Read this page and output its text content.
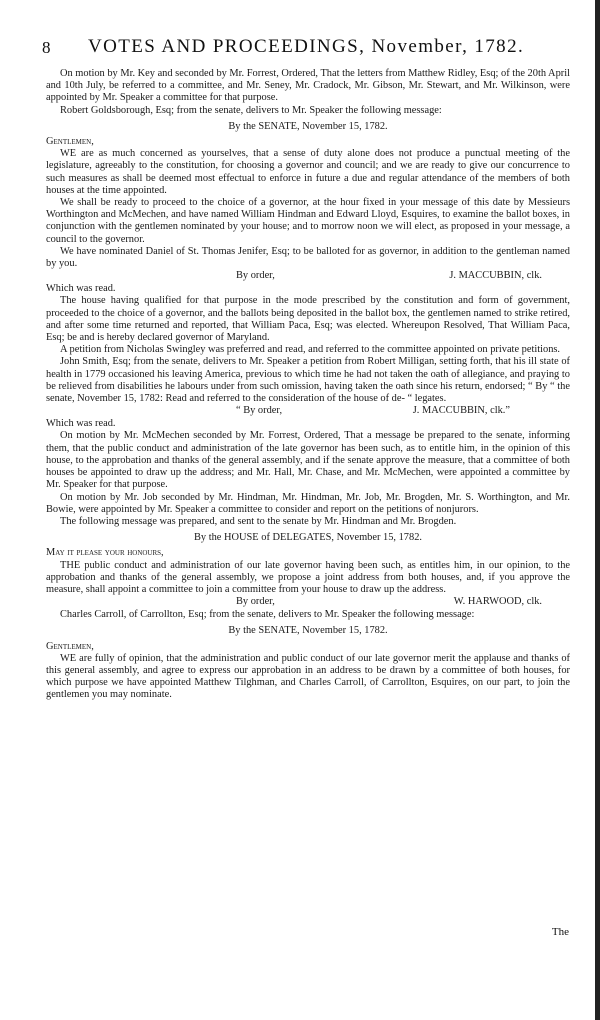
8 VOTES AND PROCEEDINGS, November, 1782.

On motion by Mr. Key and seconded by Mr. Forrest, Ordered, That the letters from Matthew Ridley, Esq; of the 20th April and 10th July, be referred to a committee, and Mr. Seney, Mr. Cradock, Mr. Gibson, Mr. Stewart, and Mr. Wilkinson, were appointed by Mr. Speaker a committee for that purpose.

Robert Goldsborough, Esq; from the senate, delivers to Mr. Speaker the following message:

By the SENATE, November 15, 1782.

Gentlemen,

WE are as much concerned as yourselves, that a sense of duty alone does not produce a punctual meeting of the legislature, agreeably to the constitution, for choosing a governor and council; and we are ready to give our concurrence to such measures as shall be deemed most effectual to enforce in future a due and regular attendance of the members of both houses at the time appointed.

We shall be ready to proceed to the choice of a governor, at the hour fixed in your message of this date by Messieurs Worthington and McMechen, and have named William Hindman and Edward Lloyd, Esquires, to examine the ballot boxes, in conjunction with the gentlemen nominated by your house; and to morrow noon we will elect, as proposed in your message, a council to the governor.

We have nominated Daniel of St. Thomas Jenifer, Esq; to be balloted for as governor, in addition to the gentleman named by you.

By order,	J. MACCUBBIN, clk.

Which was read.

The house having qualified for that purpose in the mode prescribed by the constitution and form of government, proceeded to the choice of a governor, and the ballots being deposited in the ballot box, the gentlemen named to strike retired, and after some time returned and reported, that William Paca, Esq; was elected. Whereupon Resolved, That William Paca, Esq; be and is hereby declared governor of Maryland.

A petition from Nicholas Swingley was preferred and read, and referred to the committee appointed on private petitions.

John Smith, Esq; from the senate, delivers to Mr. Speaker a petition from Robert Milligan, setting forth, that his ill state of health in 1779 occasioned his leaving America, previous to which time he had not taken the oath of allegiance, and praying to be relieved from disabilities he labours under from such omission, having taken the oath since his return, endorsed; “ By “ the senate, November 15, 1782: Read and referred to the consideration of the house of de- “ legates.

“ By order,	J. MACCUBBIN, clk.”

Which was read.

On motion by Mr. McMechen seconded by Mr. Forrest, Ordered, That a message be prepared to the senate, informing them, that the public conduct and administration of the late governor has been such, as to entitle him, in the opinion of this house, to the approbation and thanks of the general assembly, and if the senate approve the measure, that a committee of both houses be appointed to draw up the address; and Mr. Hall, Mr. Chase, and Mr. McMechen, were appointed a committee by Mr. Speaker for that purpose.

On motion by Mr. Job seconded by Mr. Hindman, Mr. Hindman, Mr. Job, Mr. Brogden, Mr. S. Worthington, and Mr. Bowie, were appointed by Mr. Speaker a committee to consider and report on the petitions of nonjurors.

The following message was prepared, and sent to the senate by Mr. Hindman and Mr. Brogden.

By the HOUSE of DELEGATES, November 15, 1782.

May it please your honours,

THE public conduct and administration of our late governor having been such, as entitles him, in our opinion, to the approbation and thanks of the general assembly, we propose a joint address from both houses, and, if you approve the measure, shall appoint a committee to join a committee from your house to draw up the address.

By order,	W. HARWOOD, clk.

Charles Carroll, of Carrollton, Esq; from the senate, delivers to Mr. Speaker the following message:

By the SENATE, November 15, 1782.

Gentlemen,

WE are fully of opinion, that the administration and public conduct of our late governor merit the applause and thanks of this general assembly, and agree to express our approbation in an address to be drawn by a committee of both houses, for which purpose we have appointed Matthew Tilghman, and Charles Carroll, of Carrollton, Esquires, on our part, to join the gentlemen you may nominate.

The
